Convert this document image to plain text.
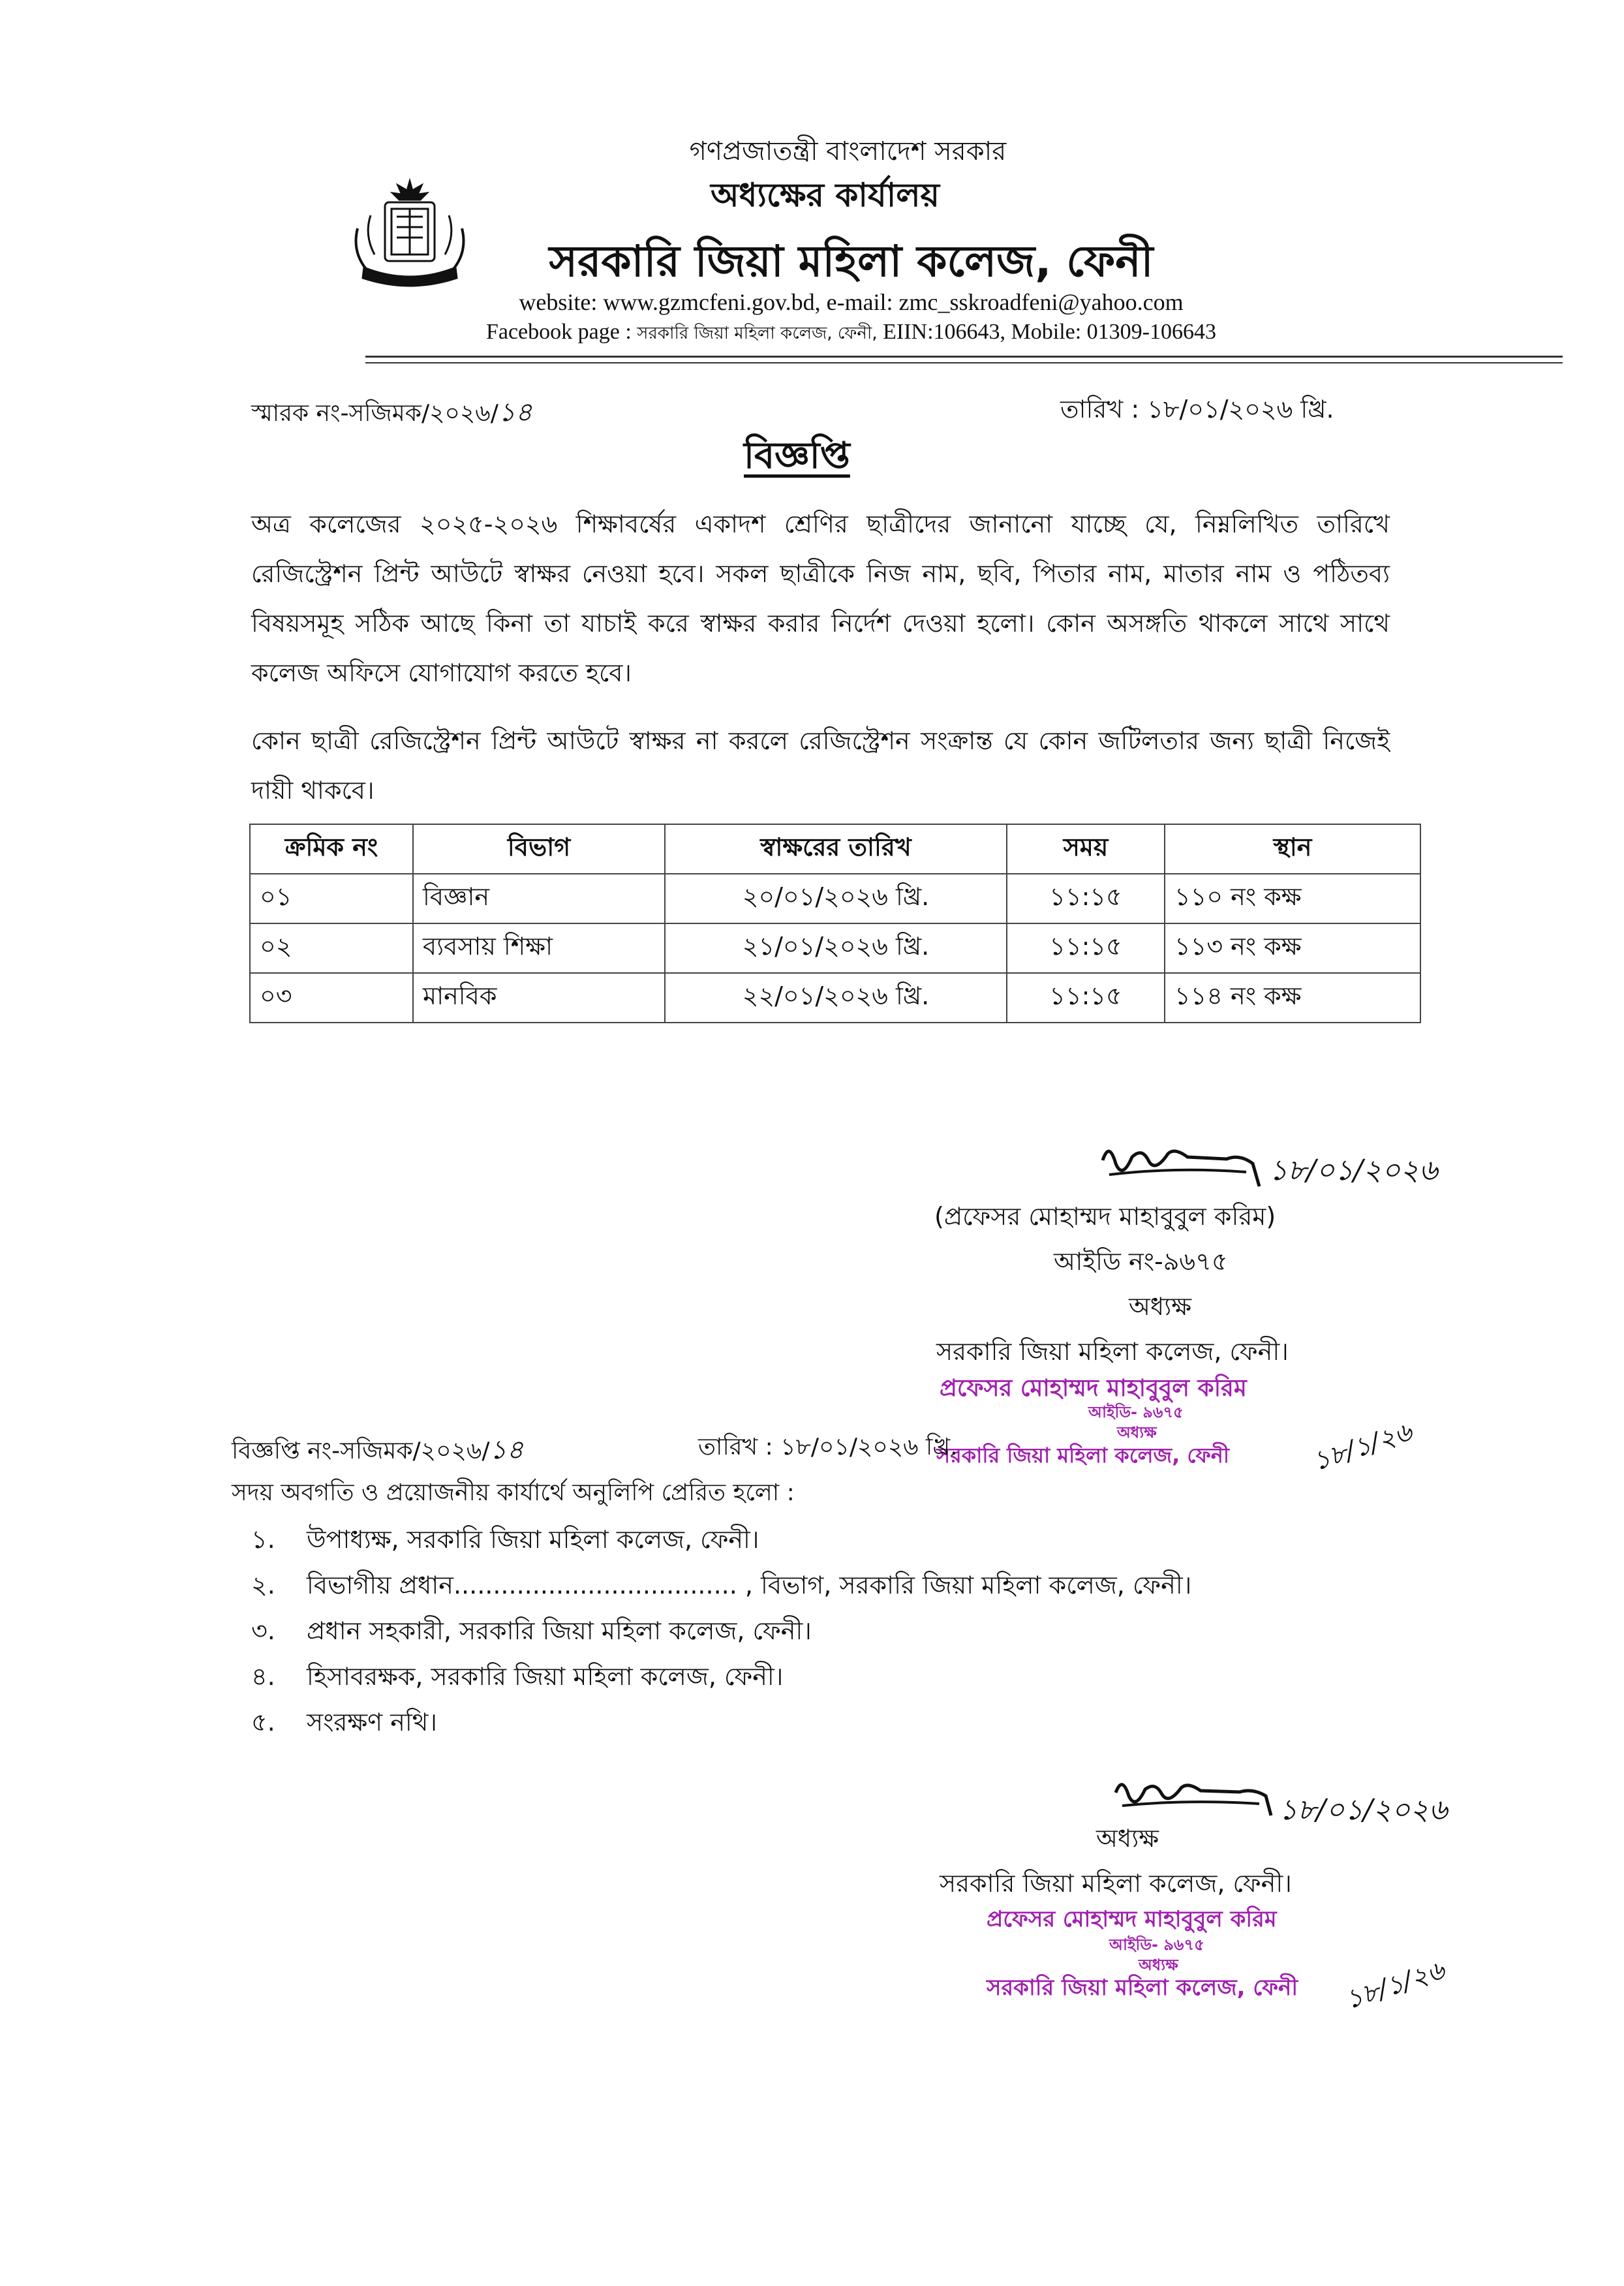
গণপ্রজাতন্ত্রী বাংলাদেশ সরকার
অধ্যক্ষের কার্যালয়
সরকারি জিয়া মহিলা কলেজ, ফেনী
website: www.gzmcfeni.gov.bd, e-mail: zmc_sskroadfeni@yahoo.com
Facebook page : সরকারি জিয়া মহিলা কলেজ, ফেনী, EIIN:106643, Mobile: 01309-106643
স্মারক নং-সজিমক/২০২৬/১৪	তারিখ : ১৮/০১/২০২৬ খ্রি.
বিজ্ঞপ্তি
অত্র কলেজের ২০২৫-২০২৬ শিক্ষাবর্ষের একাদশ শ্রেণির ছাত্রীদের জানানো যাচ্ছে যে, নিম্নলিখিত তারিখে রেজিস্ট্রেশন প্রিন্ট আউটে স্বাক্ষর নেওয়া হবে। সকল ছাত্রীকে নিজ নাম, ছবি, পিতার নাম, মাতার নাম ও পঠিতব্য বিষয়সমূহ সঠিক আছে কিনা তা যাচাই করে স্বাক্ষর করার নির্দেশ দেওয়া হলো। কোন অসঙ্গতি থাকলে সাথে সাথে কলেজ অফিসে যোগাযোগ করতে হবে।
কোন ছাত্রী রেজিস্ট্রেশন প্রিন্ট আউটে স্বাক্ষর না করলে রেজিস্ট্রেশন সংক্রান্ত যে কোন জটিলতার জন্য ছাত্রী নিজেই দায়ী থাকবে।
ক্রমিক নং	বিভাগ	স্বাক্ষরের তারিখ	সময়	স্থান
০১	বিজ্ঞান	২০/০১/২০২৬ খ্রি.	১১:১৫	১১০ নং কক্ষ
০২	ব্যবসায় শিক্ষা	২১/০১/২০২৬ খ্রি.	১১:১৫	১১৩ নং কক্ষ
০৩	মানবিক	২২/০১/২০২৬ খ্রি.	১১:১৫	১১৪ নং কক্ষ
১৮/০১/২০২৬
(প্রফেসর মোহাম্মদ মাহাবুবুল করিম)
আইডি নং-৯৬৭৫
অধ্যক্ষ
সরকারি জিয়া মহিলা কলেজ, ফেনী।
প্রফেসর মোহাম্মদ মাহাবুবুল করিম
আইডি- ৯৬৭৫
অধ্যক্ষ
সরকারি জিয়া মহিলা কলেজ, ফেনী	১৮/১/২৬
বিজ্ঞপ্তি নং-সজিমক/২০২৬/১৪	তারিখ : ১৮/০১/২০২৬ খ্রি.
সদয় অবগতি ও প্রয়োজনীয় কার্যার্থে অনুলিপি প্রেরিত হলো :
১. উপাধ্যক্ষ, সরকারি জিয়া মহিলা কলেজ, ফেনী।
২. বিভাগীয় প্রধান.................................... , বিভাগ, সরকারি জিয়া মহিলা কলেজ, ফেনী।
৩. প্রধান সহকারী, সরকারি জিয়া মহিলা কলেজ, ফেনী।
৪. হিসাবরক্ষক, সরকারি জিয়া মহিলা কলেজ, ফেনী।
৫. সংরক্ষণ নথি।
১৮/০১/২০২৬
অধ্যক্ষ
সরকারি জিয়া মহিলা কলেজ, ফেনী।
প্রফেসর মোহাম্মদ মাহাবুবুল করিম
আইডি- ৯৬৭৫
অধ্যক্ষ
সরকারি জিয়া মহিলা কলেজ, ফেনী ১৮/১/২৬
